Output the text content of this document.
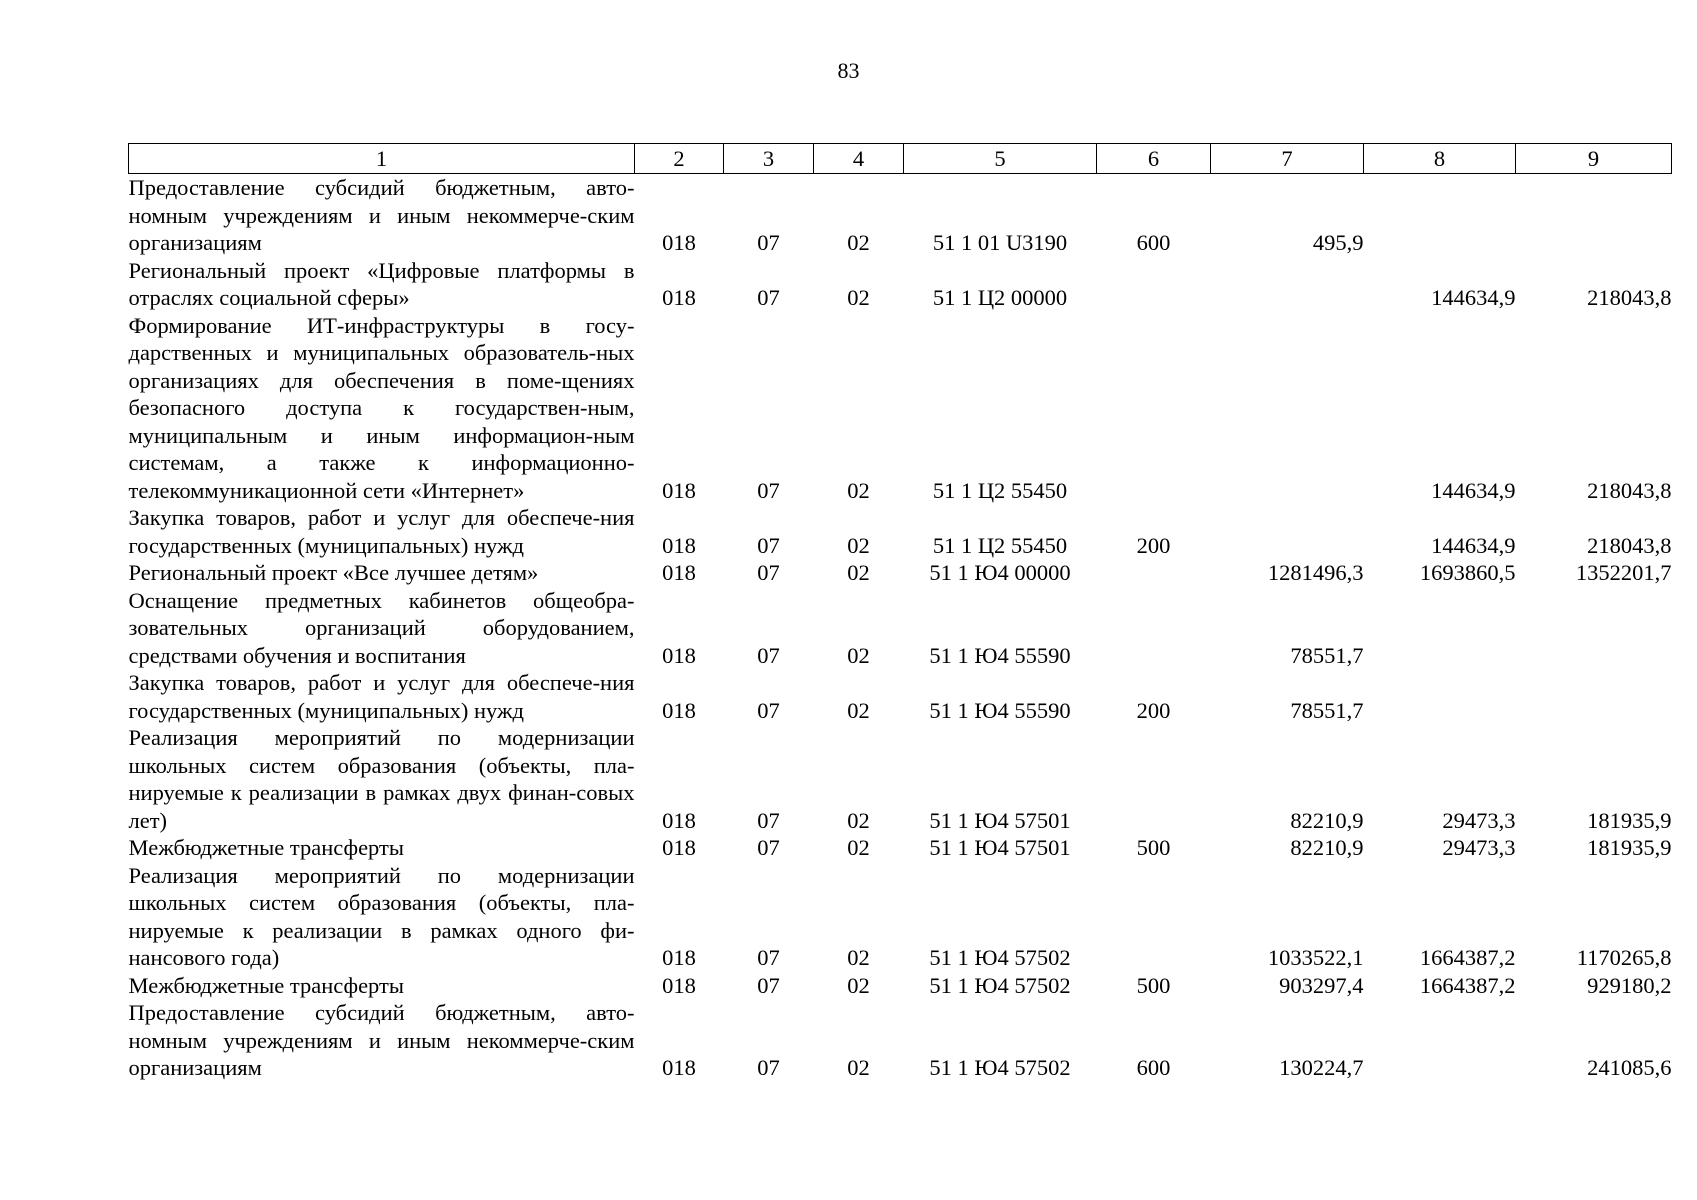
83
1	2	3	4	5	6	7	8	9
Предоставление субсидий бюджетным, авто-номным учреждениям и иным некоммерче-ским организациям	018	07	02	51 1 01 U3190	600	495,9		
Региональный проект «Цифровые платформы в отраслях социальной сферы»	018	07	02	51 1 Ц2 00000			144634,9	218043,8
Формирование ИТ-инфраструктуры в госу-дарственных и муниципальных образователь-ных организациях для обеспечения в поме-щениях безопасного доступа к государствен-ным, муниципальным и иным информацион-ным системам, а также к информационно-телекоммуникационной сети «Интернет»	018	07	02	51 1 Ц2 55450			144634,9	218043,8
Закупка товаров, работ и услуг для обеспече-ния государственных (муниципальных) нужд	018	07	02	51 1 Ц2 55450	200		144634,9	218043,8
Региональный проект «Все лучшее детям»	018	07	02	51 1 Ю4 00000		1281496,3	1693860,5	1352201,7
Оснащение предметных кабинетов общеобра-зовательных организаций оборудованием, средствами обучения и воспитания	018	07	02	51 1 Ю4 55590		78551,7		
Закупка товаров, работ и услуг для обеспече-ния государственных (муниципальных) нужд	018	07	02	51 1 Ю4 55590	200	78551,7		
Реализация мероприятий по модернизации школьных систем образования (объекты, пла-нируемые к реализации в рамках двух финан-совых лет)	018	07	02	51 1 Ю4 57501		82210,9	29473,3	181935,9
Межбюджетные трансферты	018	07	02	51 1 Ю4 57501	500	82210,9	29473,3	181935,9
Реализация мероприятий по модернизации школьных систем образования (объекты, пла-нируемые к реализации в рамках одного фи-нансового года)	018	07	02	51 1 Ю4 57502		1033522,1	1664387,2	1170265,8
Межбюджетные трансферты	018	07	02	51 1 Ю4 57502	500	903297,4	1664387,2	929180,2
Предоставление субсидий бюджетным, авто-номным учреждениям и иным некоммерче-ским организациям	018	07	02	51 1 Ю4 57502	600	130224,7		241085,6
